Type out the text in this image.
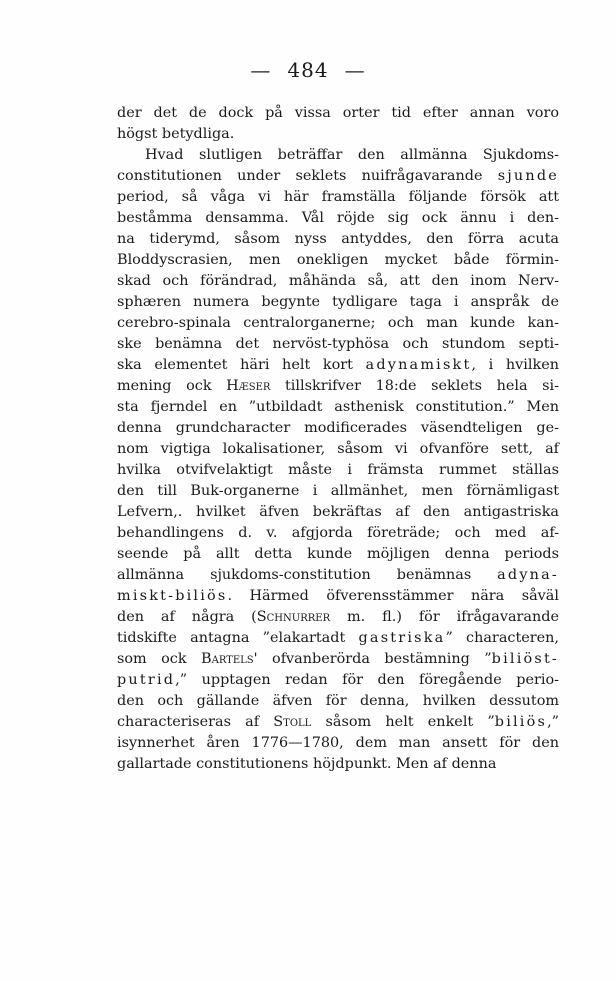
— 484 —
der det de dock på vissa orter tid efter annan voro
högst betydliga.
Hvad slutligen beträffar den allmänna Sjukdoms-
constitutionen under seklets nuifrågavarande sjunde
period, så våga vi här framställa följande försök att
beståmma densamma. Vål röjde sig ock ännu i den-
na tiderymd, såsom nyss antyddes, den förra acuta
Bloddyscrasien, men onekligen mycket både förmin-
skad och förändrad, måhända så, att den inom Nerv-
sphæren numera begynte tydligare taga i anspråk de
cerebro-spinala centralorganerne; och man kunde kan-
ske benämna det nervöst-typhösa och stundom septi-
ska elementet häri helt kort adynamiskt, i hvilken
mening ock Hæser tillskrifver 18:de seklets hela si-
sta fjerndel en ”utbildadt asthenisk constitution.” Men
denna grundcharacter modificerades väsendteligen ge-
nom vigtiga lokalisationer, såsom vi ofvanföre sett, af
hvilka otvifvelaktigt måste i främsta rummet ställas
den till Buk-organerne i allmänhet, men förnämligast
Lefvern,. hvilket äfven bekräftas af den antigastriska
behandlingens d. v. afgjorda företräde; och med af-
seende på allt detta kunde möjligen denna periods
allmänna sjukdoms-constitution benämnas adyna-
miskt-biliös. Härmed öfverensstämmer nära såväl
den af några (Schnurrer m. fl.) för ifrågavarande
tidskifte antagna ”elakartadt gastriska” characteren,
som ock Bartels' ofvanberörda bestämning ”biliöst-
putrid,” upptagen redan för den föregående perio-
den och gällande äfven för denna, hvilken dessutom
characteriseras af Stoll såsom helt enkelt ”biliös,”
isynnerhet åren 1776—1780, dem man ansett för den
gallartade constitutionens höjdpunkt. Men af denna
